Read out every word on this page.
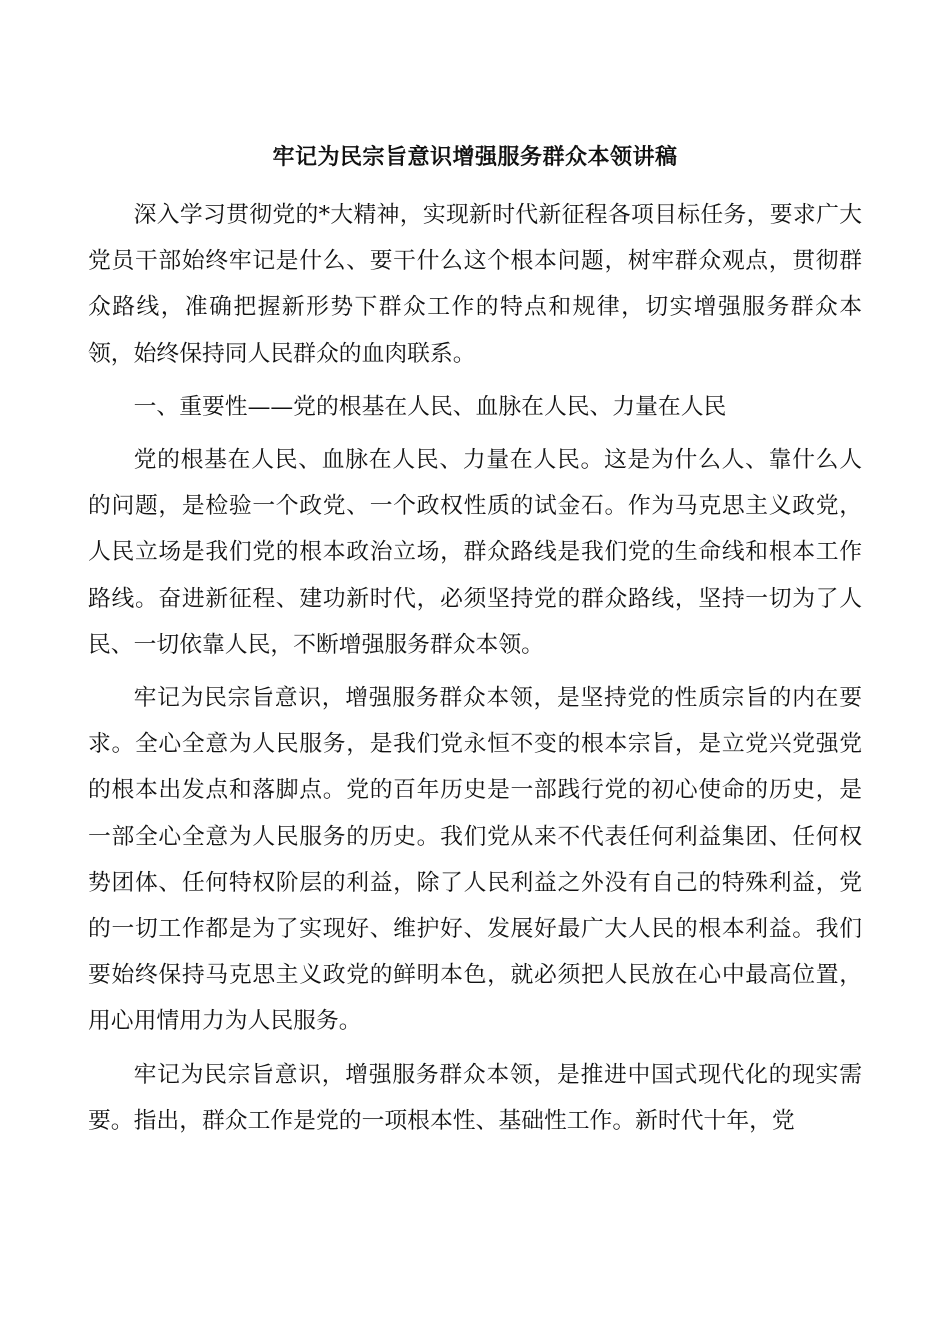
牢记为民宗旨意识增强服务群众本领讲稿

深入学习贯彻党的*大精神，实现新时代新征程各项目标任务，要求广大党员干部始终牢记是什么、要干什么这个根本问题，树牢群众观点，贯彻群众路线，准确把握新形势下群众工作的特点和规律，切实增强服务群众本领，始终保持同人民群众的血肉联系。

一、重要性——党的根基在人民、血脉在人民、力量在人民

党的根基在人民、血脉在人民、力量在人民。这是为什么人、靠什么人的问题，是检验一个政党、一个政权性质的试金石。作为马克思主义政党，人民立场是我们党的根本政治立场，群众路线是我们党的生命线和根本工作路线。奋进新征程、建功新时代，必须坚持党的群众路线，坚持一切为了人民、一切依靠人民，不断增强服务群众本领。

牢记为民宗旨意识，增强服务群众本领，是坚持党的性质宗旨的内在要求。全心全意为人民服务，是我们党永恒不变的根本宗旨，是立党兴党强党的根本出发点和落脚点。党的百年历史是一部践行党的初心使命的历史，是一部全心全意为人民服务的历史。我们党从来不代表任何利益集团、任何权势团体、任何特权阶层的利益，除了人民利益之外没有自己的特殊利益，党的一切工作都是为了实现好、维护好、发展好最广大人民的根本利益。我们要始终保持马克思主义政党的鲜明本色，就必须把人民放在心中最高位置，用心用情用力为人民服务。

牢记为民宗旨意识，增强服务群众本领，是推进中国式现代化的现实需要。指出，群众工作是党的一项根本性、基础性工作。新时代十年，党
